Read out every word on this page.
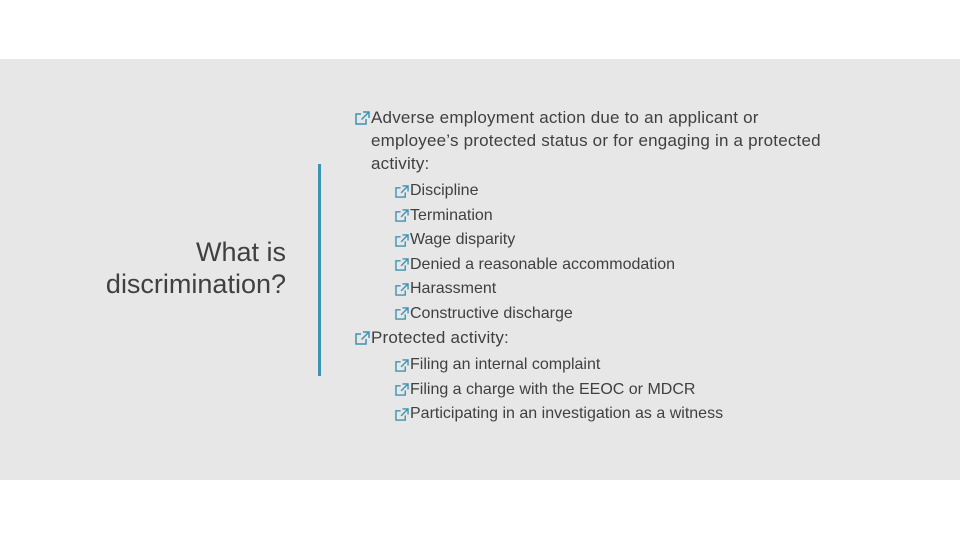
What is discrimination?
Adverse employment action due to an applicant or employee’s protected status or for engaging in a protected activity:
Discipline
Termination
Wage disparity
Denied a reasonable accommodation
Harassment
Constructive discharge
Protected activity:
Filing an internal complaint
Filing a charge with the EEOC or MDCR
Participating in an investigation as a witness
